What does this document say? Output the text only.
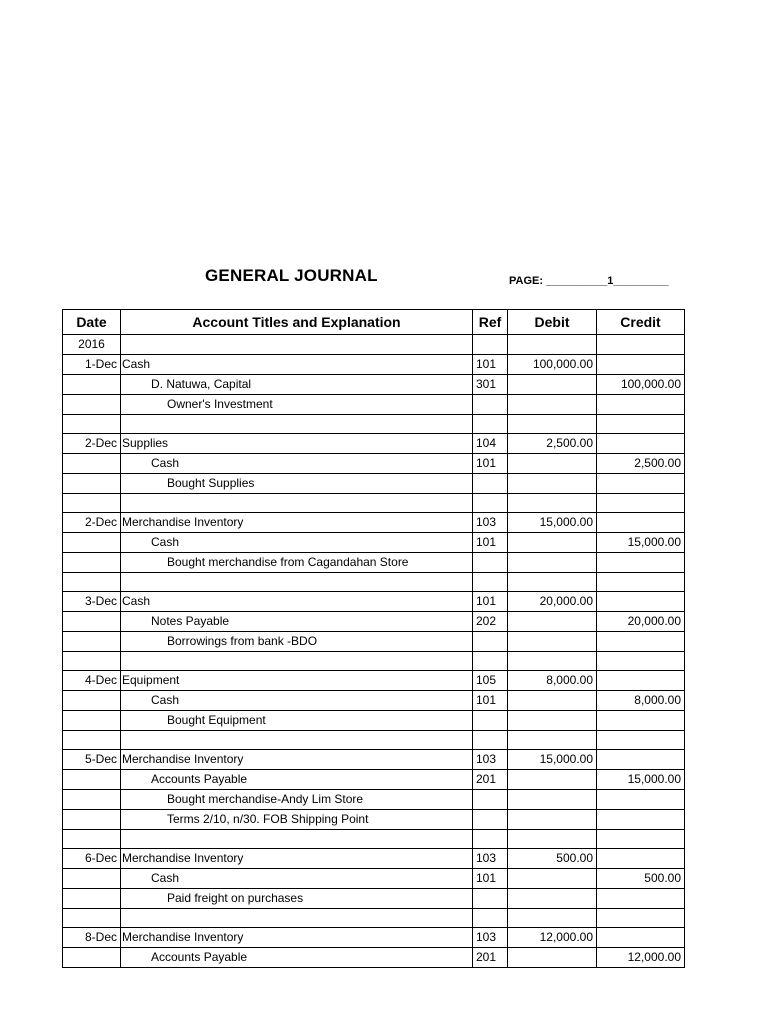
GENERAL JOURNAL	PAGE: __________1_________
Date	Account Titles and Explanation	Ref	Debit	Credit
2016				
1-Dec	Cash	101	100,000.00	
	D. Natuwa, Capital	301		100,000.00
	Owner's Investment			

2-Dec	Supplies	104	2,500.00	
	Cash	101		2,500.00
	Bought Supplies			

2-Dec	Merchandise Inventory	103	15,000.00	
	Cash	101		15,000.00
	Bought merchandise from Cagandahan Store			

3-Dec	Cash	101	20,000.00	
	Notes Payable	202		20,000.00
	Borrowings from bank -BDO			

4-Dec	Equipment	105	8,000.00	
	Cash	101		8,000.00
	Bought Equipment			

5-Dec	Merchandise Inventory	103	15,000.00	
	Accounts Payable	201		15,000.00
	Bought merchandise-Andy Lim Store			
	Terms 2/10, n/30. FOB Shipping Point			

6-Dec	Merchandise Inventory	103	500.00	
	Cash	101		500.00
	Paid freight on purchases			

8-Dec	Merchandise Inventory	103	12,000.00	
	Accounts Payable	201		12,000.00
